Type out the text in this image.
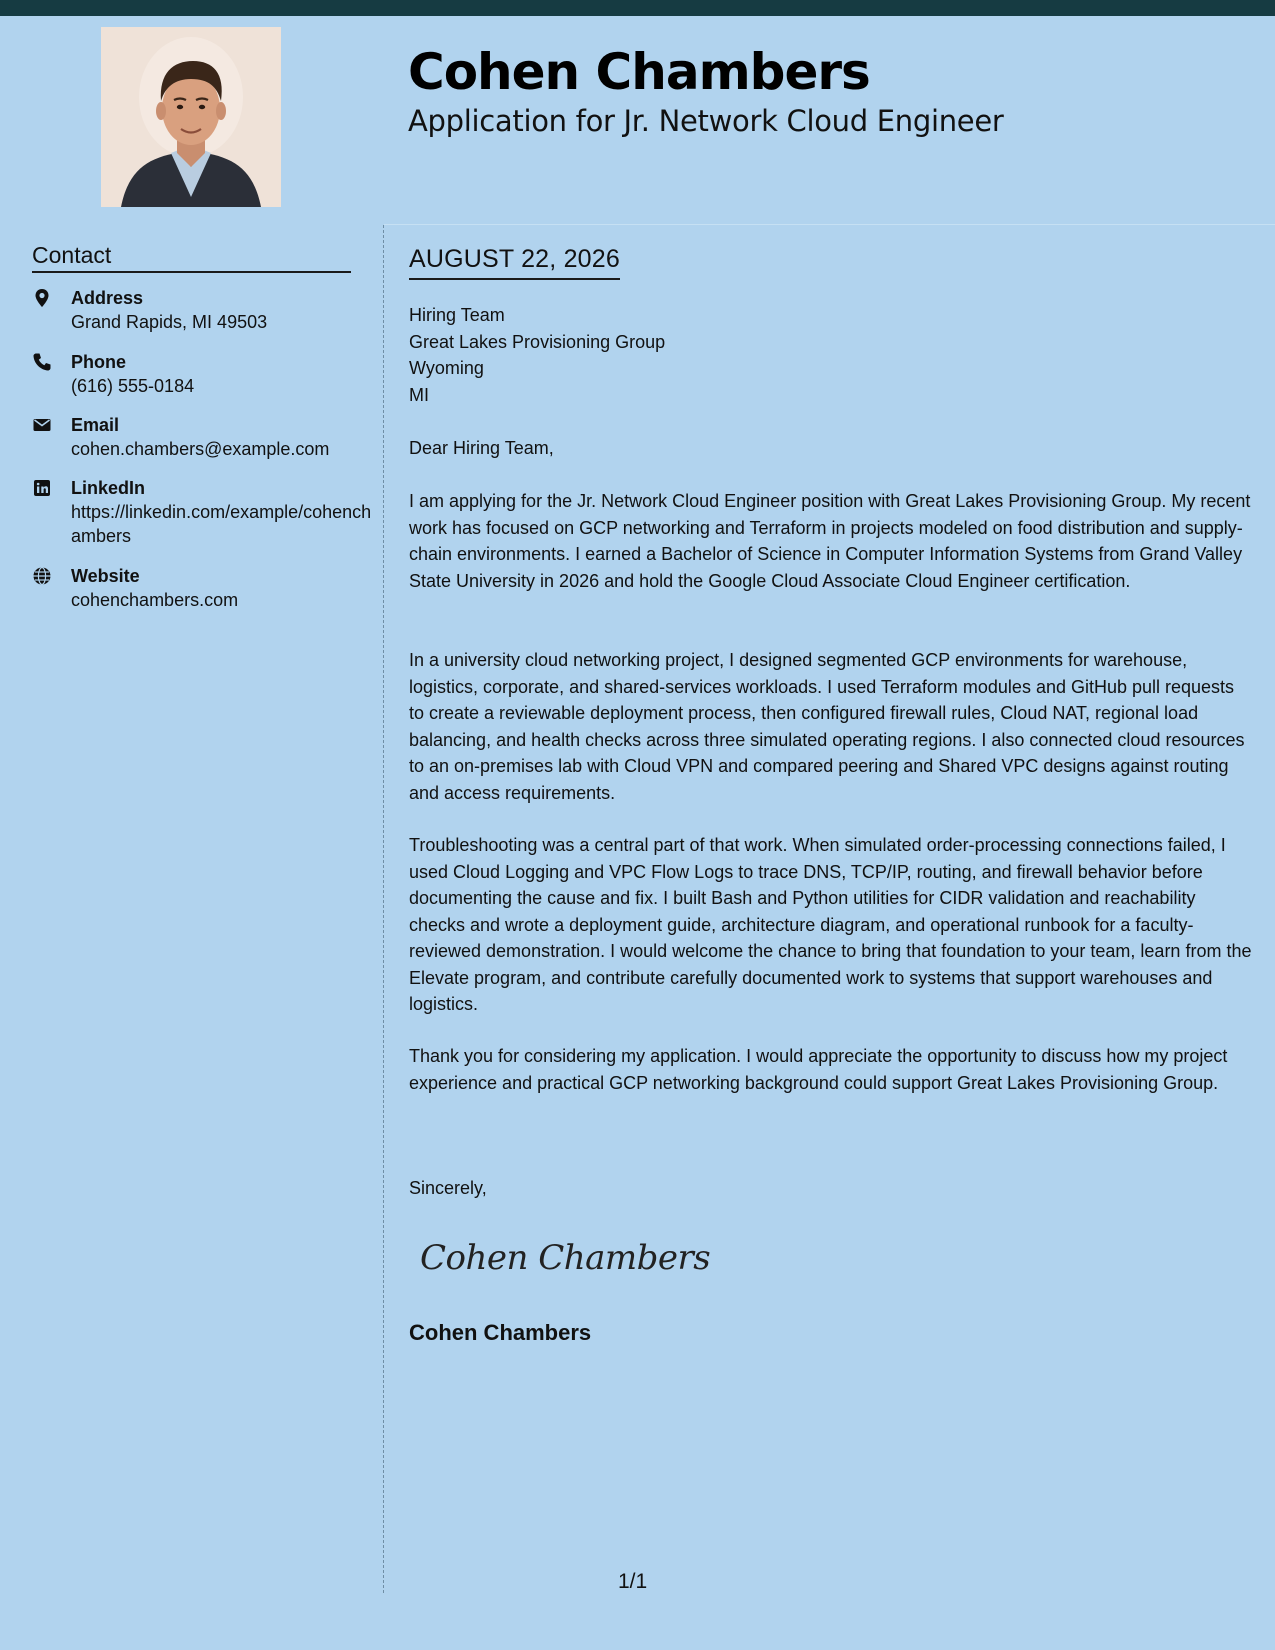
Cohen Chambers
Application for Jr. Network Cloud Engineer
Contact
Address
Grand Rapids, MI 49503
Phone
(616) 555-0184
Email
cohen.chambers@example.com
LinkedIn
https://linkedin.com/example/cohenchambers
Website
cohenchambers.com
AUGUST 22, 2026
Hiring Team
Great Lakes Provisioning Group
Wyoming
MI
Dear Hiring Team,

I am applying for the Jr. Network Cloud Engineer position with Great Lakes Provisioning Group. My recent work has focused on GCP networking and Terraform in projects modeled on food distribution and supply-chain environments. I earned a Bachelor of Science in Computer Information Systems from Grand Valley State University in 2026 and hold the Google Cloud Associate Cloud Engineer certification.

In a university cloud networking project, I designed segmented GCP environments for warehouse, logistics, corporate, and shared-services workloads. I used Terraform modules and GitHub pull requests to create a reviewable deployment process, then configured firewall rules, Cloud NAT, regional load balancing, and health checks across three simulated operating regions. I also connected cloud resources to an on-premises lab with Cloud VPN and compared peering and Shared VPC designs against routing and access requirements.

Troubleshooting was a central part of that work. When simulated order-processing connections failed, I used Cloud Logging and VPC Flow Logs to trace DNS, TCP/IP, routing, and firewall behavior before documenting the cause and fix. I built Bash and Python utilities for CIDR validation and reachability checks and wrote a deployment guide, architecture diagram, and operational runbook for a faculty-reviewed demonstration. I would welcome the chance to bring that foundation to your team, learn from the Elevate program, and contribute carefully documented work to systems that support warehouses and logistics.

Thank you for considering my application. I would appreciate the opportunity to discuss how my project experience and practical GCP networking background could support Great Lakes Provisioning Group.

Sincerely,
Cohen Chambers
Cohen Chambers
1/1
